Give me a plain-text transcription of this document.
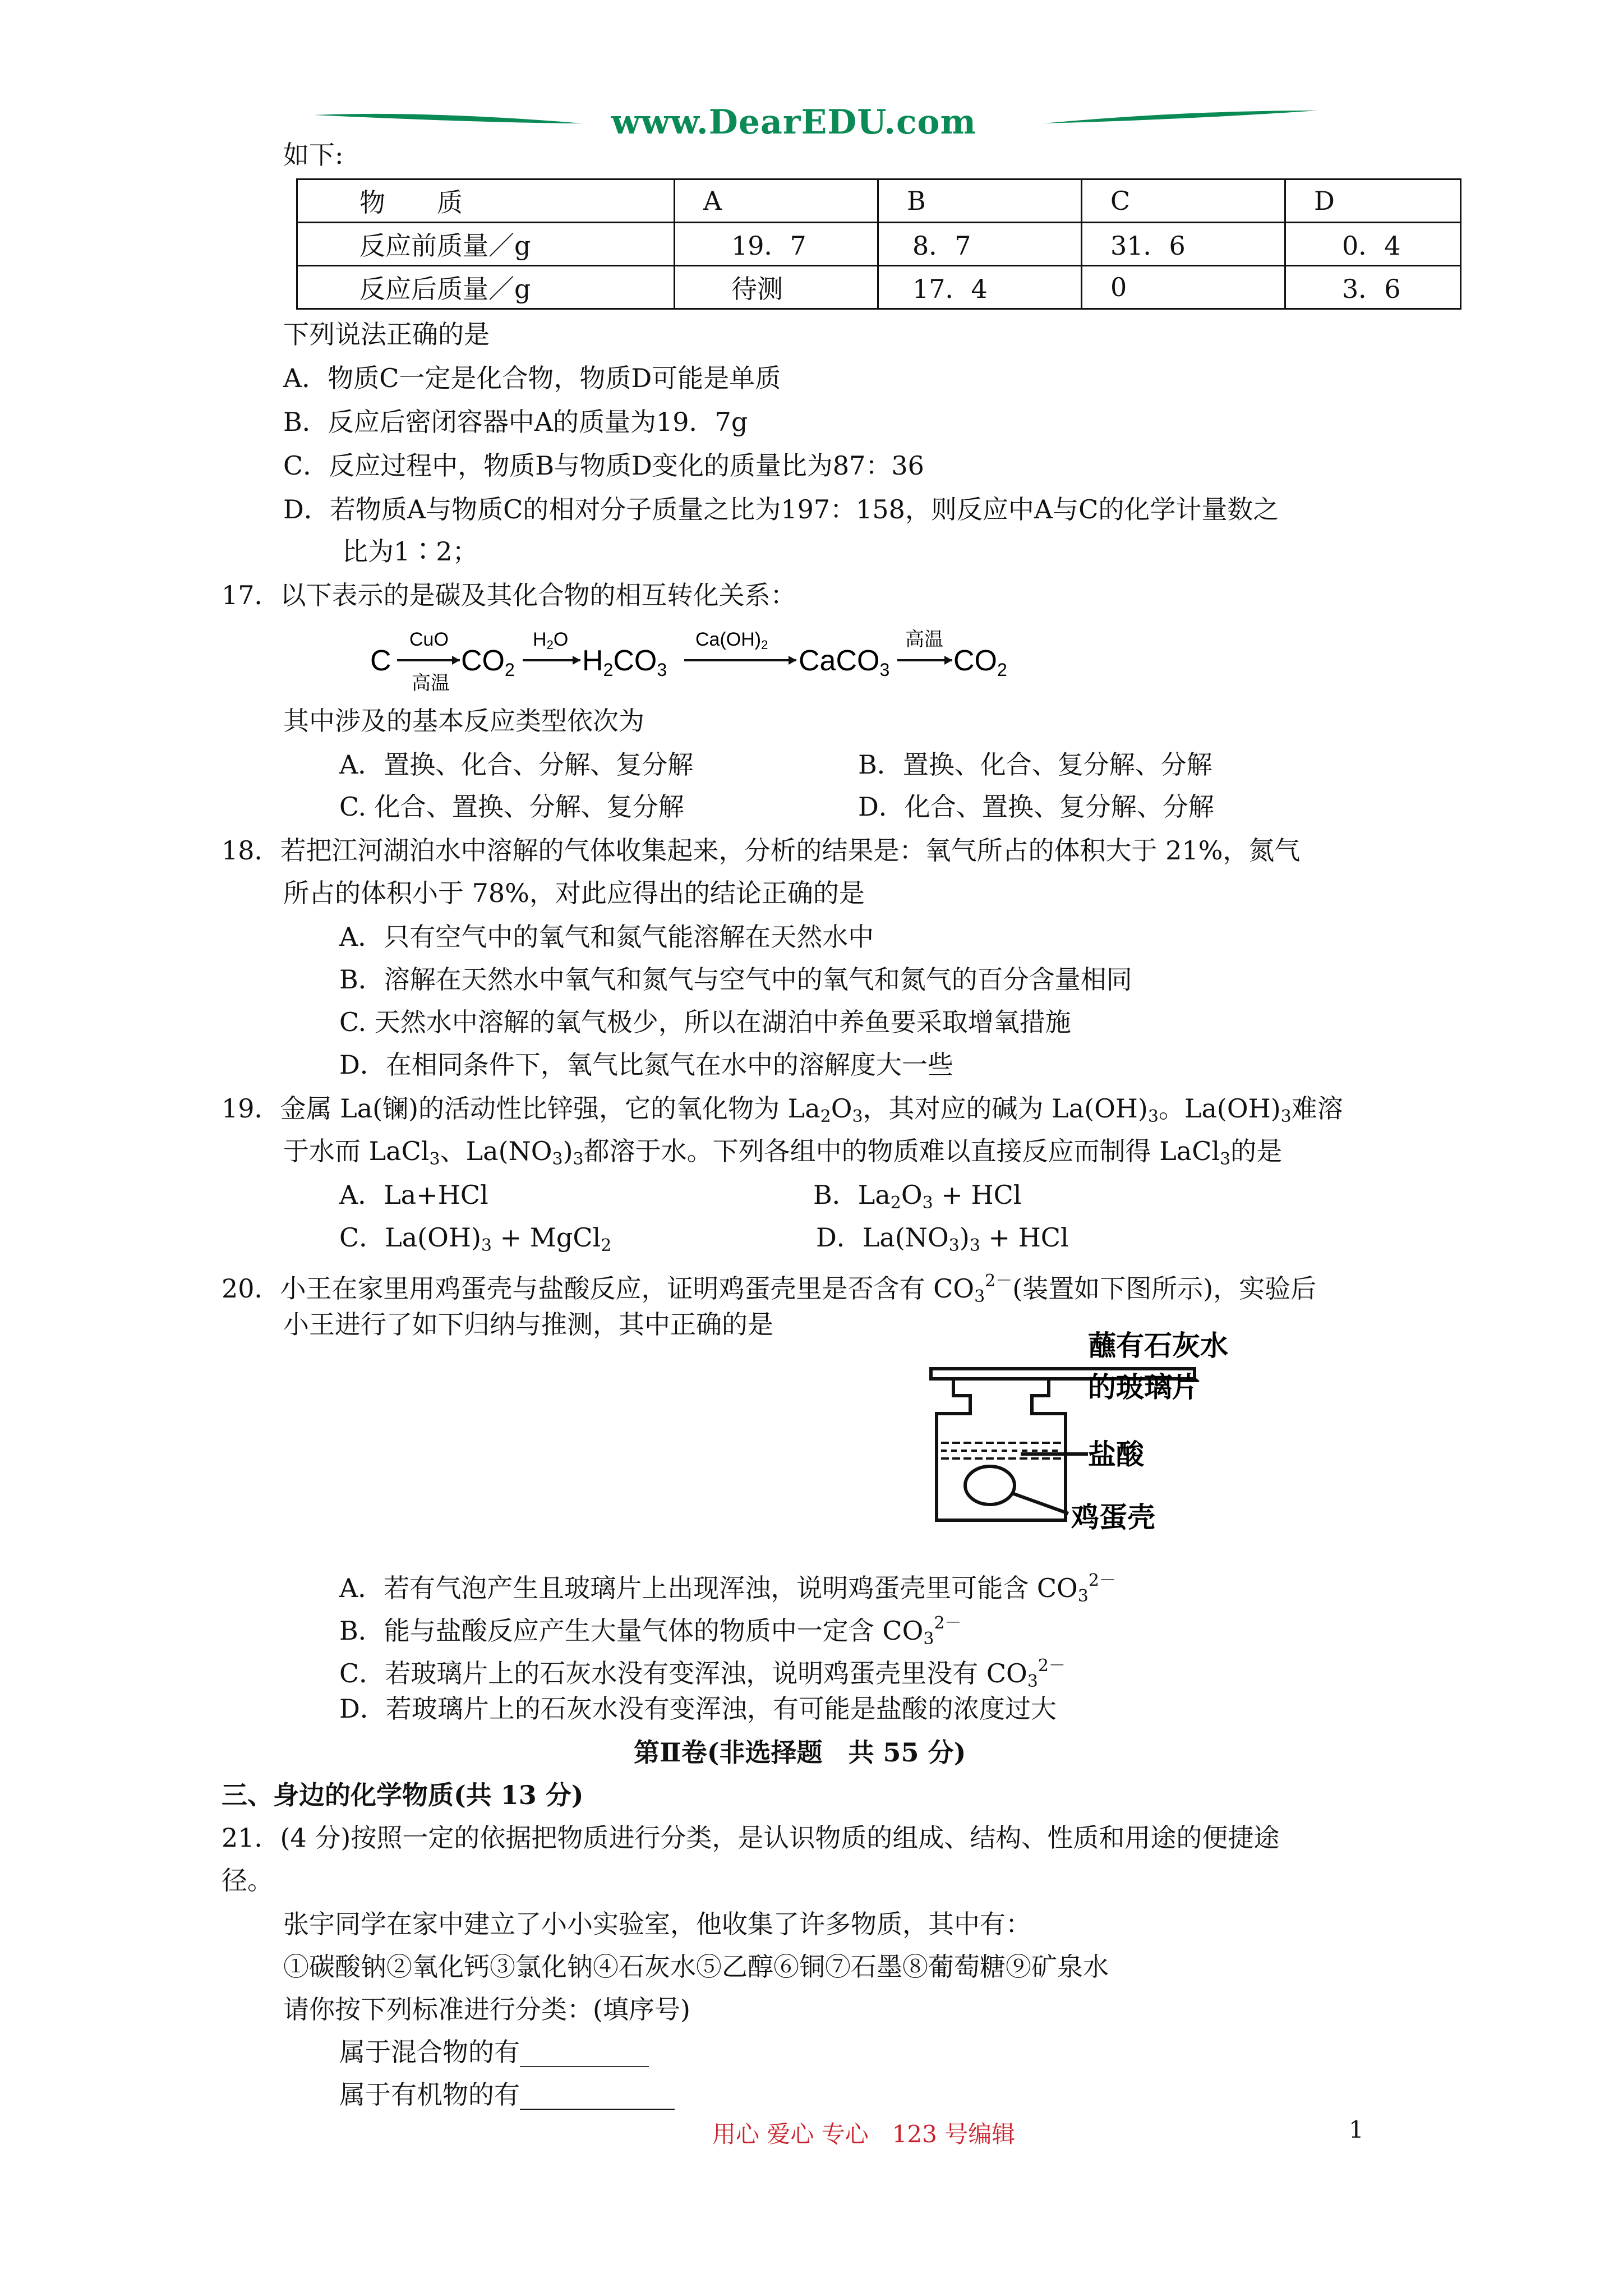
www.DearEDU.com
如下:
物　　质	A	B	C	D
反应前质量／g	19．7	8．7	31．6	0．4
反应后质量／g	待测	17．4	0	3．6
下列说法正确的是
A．物质C一定是化合物，物质D可能是单质
B．反应后密闭容器中A的质量为19．7g
C．反应过程中，物质B与物质D变化的质量比为87：36
D．若物质A与物质C的相对分子质量之比为197：158，则反应中A与C的化学计量数之
比为1∶2；
17．以下表示的是碳及其化合物的相互转化关系：
C
CuO
高温
CO2
H2O
H2CO3
Ca(OH)2 CaCO3
高温
CO2
其中涉及的基本反应类型依次为
A．置换、化合、分解、复分解	B．置换、化合、复分解、分解
C. 化合、置换、分解、复分解	D．化合、置换、复分解、分解
18．若把江河湖泊水中溶解的气体收集起来，分析的结果是：氧气所占的体积大于 21%，氮气
所占的体积小于 78%，对此应得出的结论正确的是
A．只有空气中的氧气和氮气能溶解在天然水中
B．溶解在天然水中氧气和氮气与空气中的氧气和氮气的百分含量相同
C. 天然水中溶解的氧气极少，所以在湖泊中养鱼要采取增氧措施
D．在相同条件下，氧气比氮气在水中的溶解度大一些
19．金属 La(镧)的活动性比锌强，它的氧化物为 $La_2O_3$，其对应的碱为 $La(OH)_3$。$La(OH)_3$难溶
于水而 LaCl$_3$、$La(NO_3)_3$都溶于水。下列各组中的物质难以直接反应而制得 LaCl$_3$的是
A．La+HCl	B．$La_2O_3$ + HCl
C．$La(OH)_3$ + MgCl$_2$	D．$La(NO_3)_3$ + HCl
20．小王在家里用鸡蛋壳与盐酸反应，证明鸡蛋壳里是否含有 $CO_3^{2-}$(装置如下图所示)，实验后
小王进行了如下归纳与推测，其中正确的是
蘸有石灰水
的玻璃片
盐酸
鸡蛋壳
A．若有气泡产生且玻璃片上出现浑浊，说明鸡蛋壳里可能含 $CO_3^{2-}$
B．能与盐酸反应产生大量气体的物质中一定含 $CO_3^{2-}$
C．若玻璃片上的石灰水没有变浑浊，说明鸡蛋壳里没有 $CO_3^{2-}$
D．若玻璃片上的石灰水没有变浑浊，有可能是盐酸的浓度过大
第Ⅱ卷(非选择题　共 55 分)
三、身边的化学物质(共 13 分)
21．(4 分)按照一定的依据把物质进行分类，是认识物质的组成、结构、性质和用途的便捷途
径。
张宇同学在家中建立了小小实验室，他收集了许多物质，其中有：
①碳酸钠②氧化钙③氯化钠④石灰水⑤乙醇⑥铜⑦石墨⑧葡萄糖⑨矿泉水
请你按下列标准进行分类：(填序号)
属于混合物的有__________
属于有机物的有____________
用心 爱心 专心　123 号编辑	1
